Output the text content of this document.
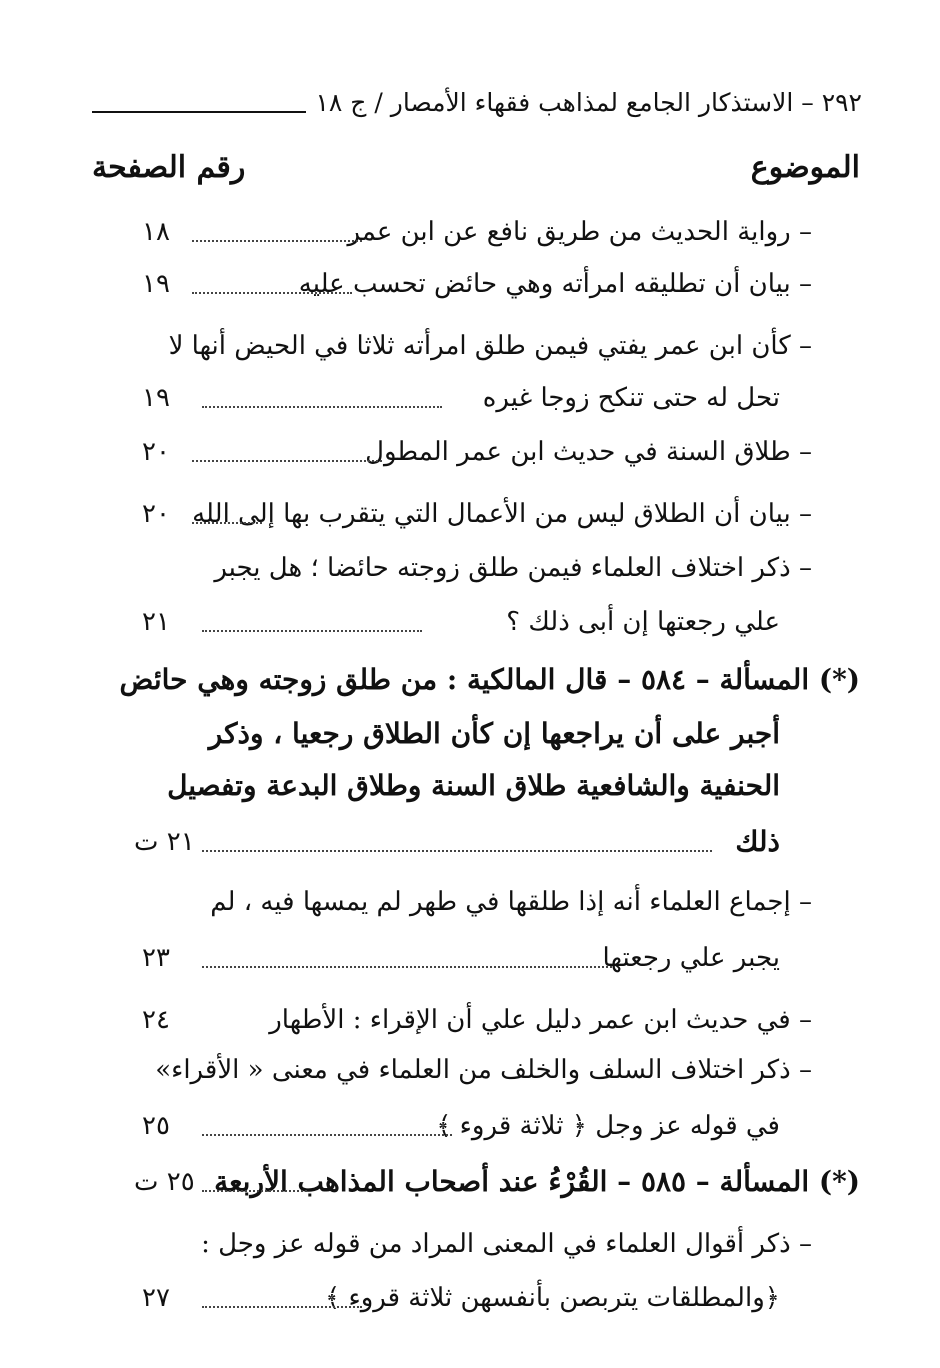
٢٩٢ – الاستذكار الجامع لمذاهب فقهاء الأمصار / ج ١٨
الموضوع
رقم الصفحة
– رواية الحديث من طريق نافع عن ابن عمر
١٨
– بيان أن تطليقه امرأته وهي حائض تحسب عليه
١٩
– كأن ابن عمر يفتي فيمن طلق امرأته ثلاثا في الحيض أنها لا
تحل له حتى تنكح زوجا غيره
١٩
– طلاق السنة في حديث ابن عمر المطول
٢٠
– بيان أن الطلاق ليس من الأعمال التي يتقرب بها إلى الله
٢٠
– ذكر اختلاف العلماء فيمن طلق زوجته حائضا ؛ هل يجبر
علي رجعتها إن أبى ذلك ؟
٢١
(*) المسألة – ٥٨٤ – قال المالكية : من طلق زوجته وهي حائض
أجبر على أن يراجعها إن كأن الطلاق رجعيا ، وذكر
الحنفية والشافعية طلاق السنة وطلاق البدعة وتفصيل
ذلك
٢١ ت
– إجماع العلماء أنه إذا طلقها في طهر لم يمسها فيه ، لم
يجبر علي رجعتها
٢٣
– في حديث ابن عمر دليل علي أن الإقراء : الأطهار
٢٤
– ذكر اختلاف السلف والخلف من العلماء في معنى « الأقراء»
في قوله عز وجل ﴿ ثلاثة قروء ﴾
٢٥
(*) المسألة – ٥٨٥ – القُرْءُ عند أصحاب المذاهب الأربعة
٢٥ ت
– ذكر أقوال العلماء في المعنى المراد من قوله عز وجل :
﴿والمطلقات يتربصن بأنفسهن ثلاثة قروء ﴾
٢٧
